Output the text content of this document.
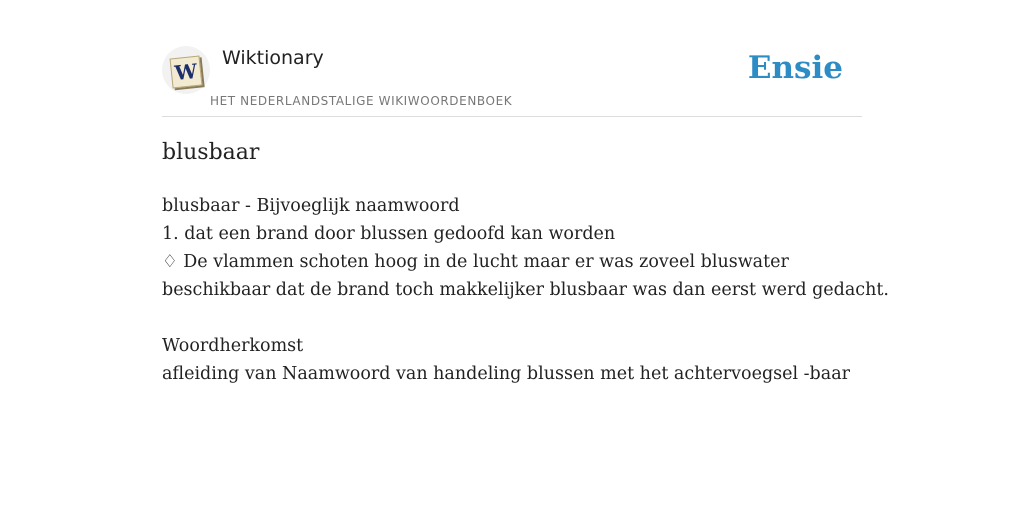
W
Wiktionary
HET NEDERLANDSTALIGE WIKIWOORDENBOEK
Ensie
blusbaar
blusbaar - Bijvoeglijk naamwoord
1. dat een brand door blussen gedoofd kan worden
♢ De vlammen schoten hoog in de lucht maar er was zoveel bluswater
beschikbaar dat de brand toch makkelijker blusbaar was dan eerst werd gedacht.
Woordherkomst
afleiding van Naamwoord van handeling blussen met het achtervoegsel -baar
